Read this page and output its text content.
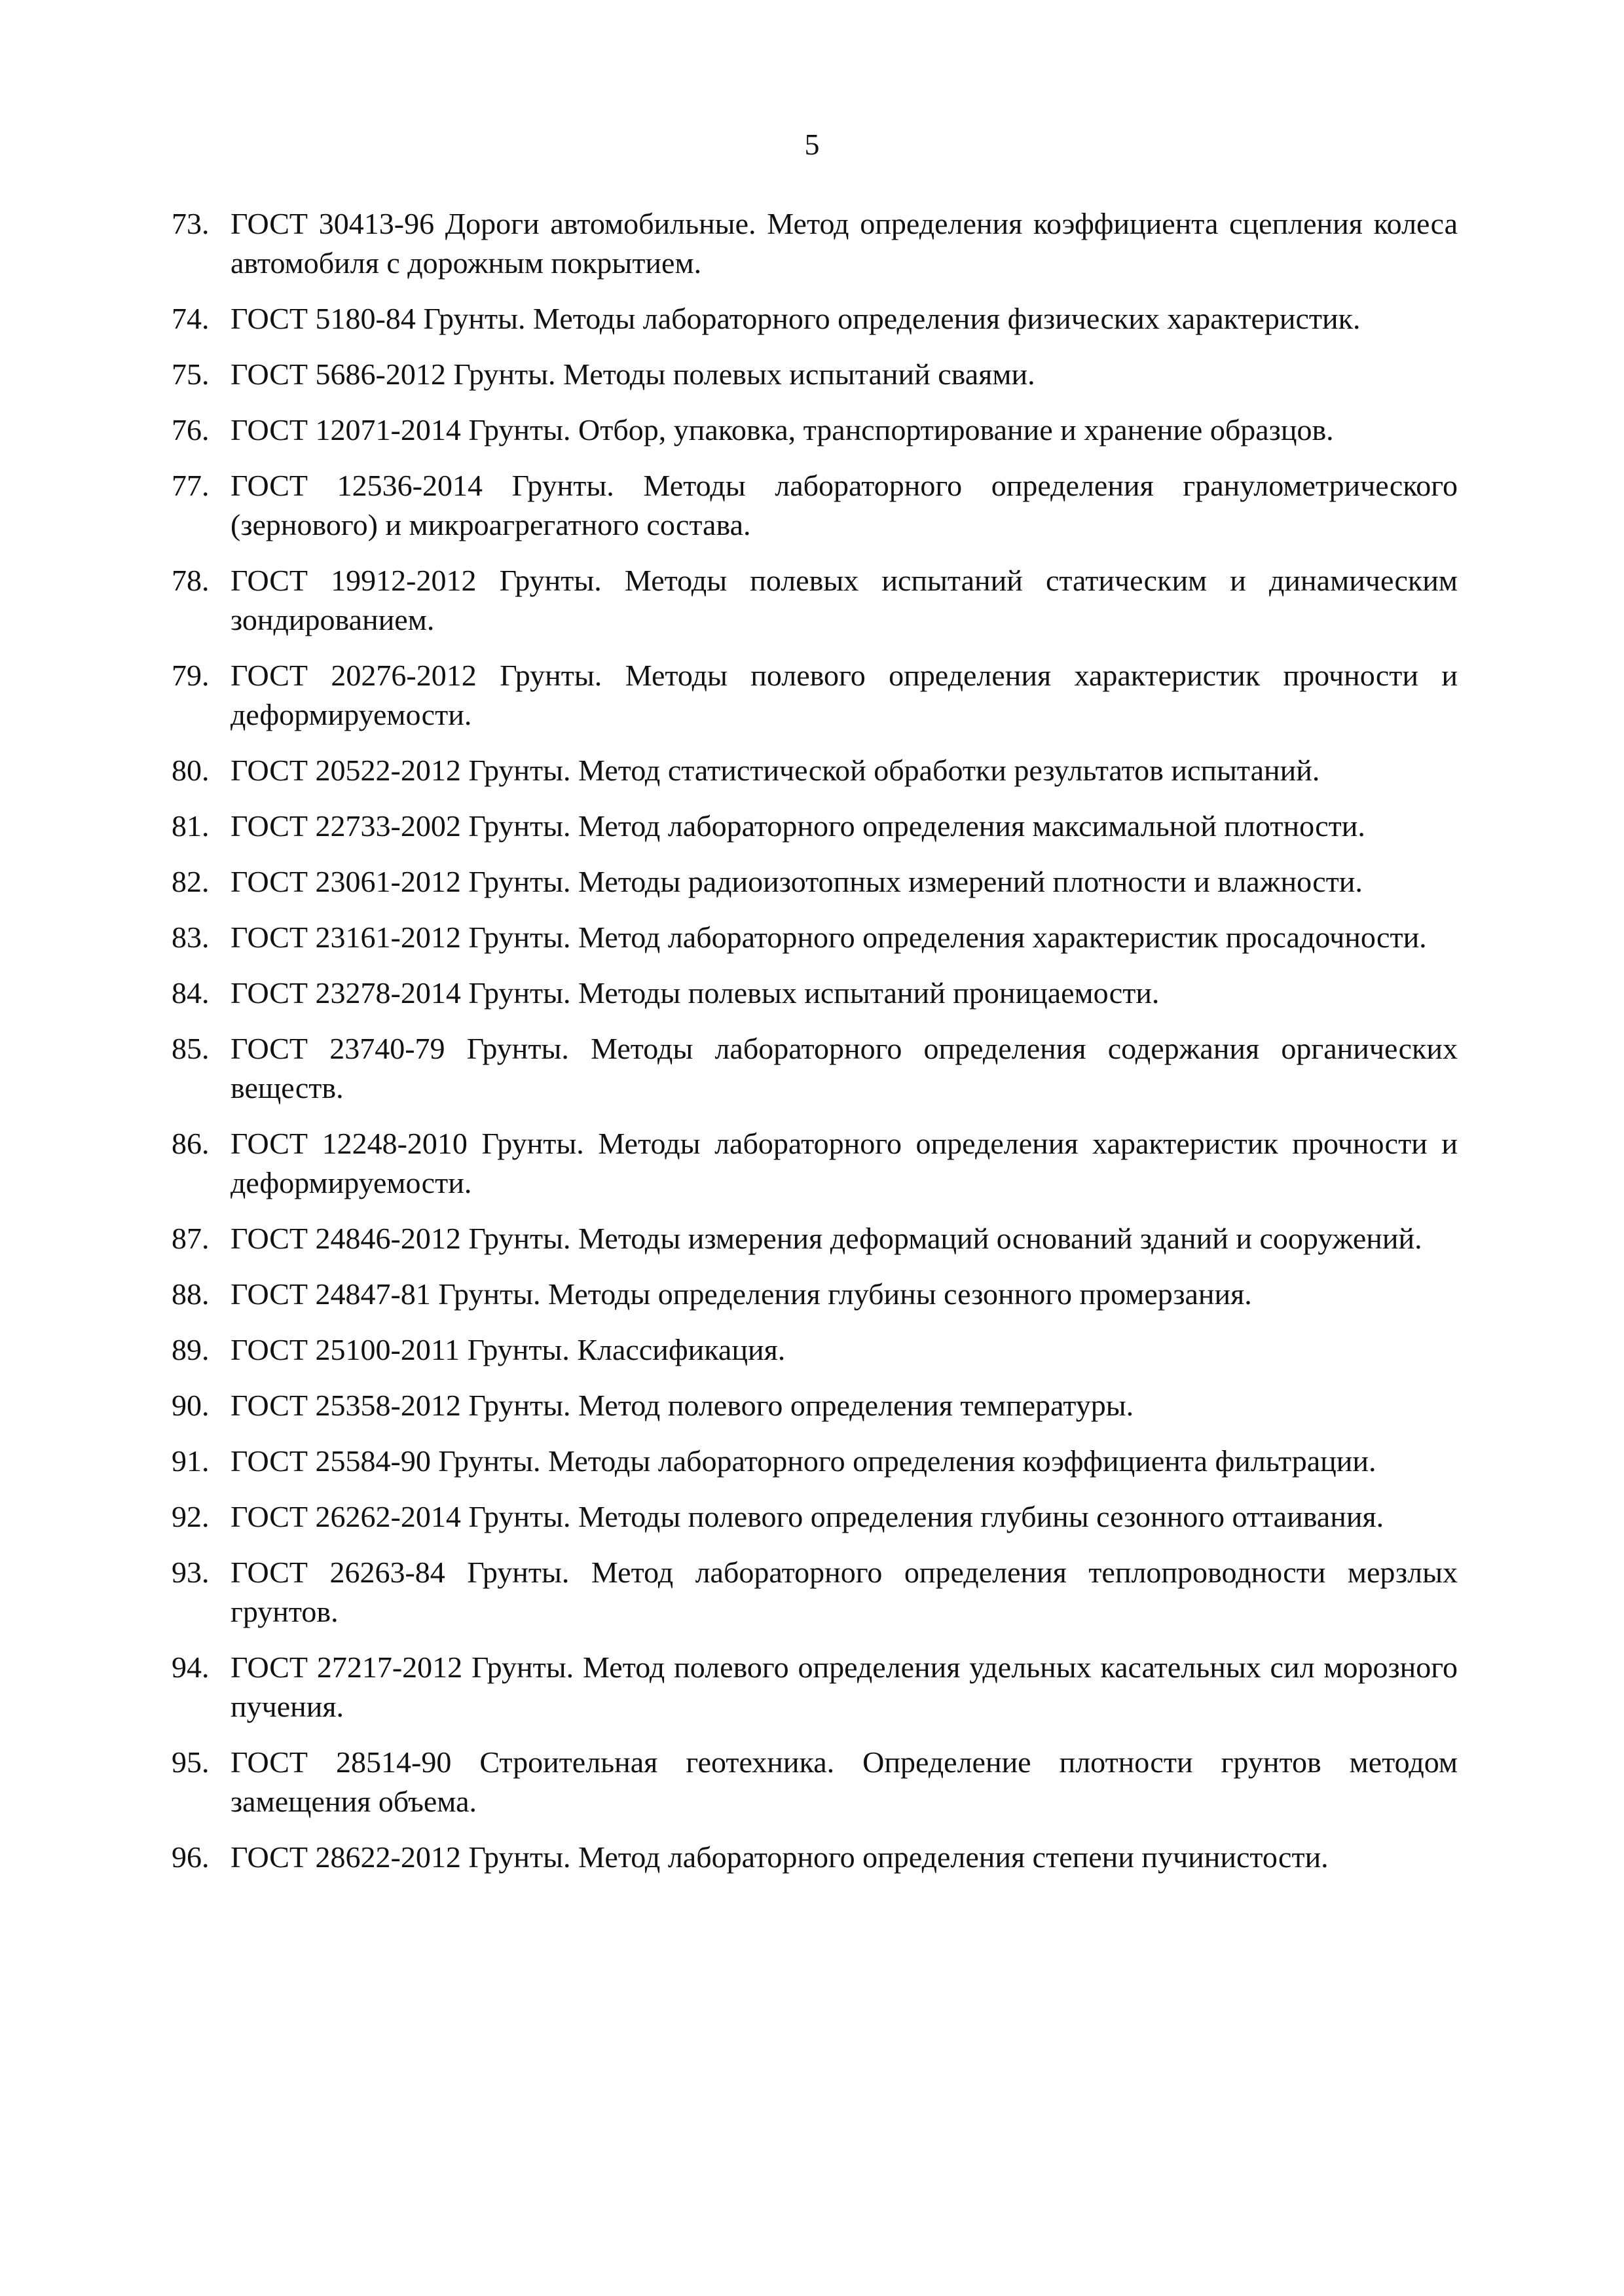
5
73. ГОСТ 30413-96 Дороги автомобильные. Метод определения коэффициента сцепления колеса автомобиля с дорожным покрытием.
74. ГОСТ 5180-84 Грунты. Методы лабораторного определения физических характеристик.
75. ГОСТ 5686-2012 Грунты. Методы полевых испытаний сваями.
76. ГОСТ 12071-2014 Грунты. Отбор, упаковка, транспортирование и хранение образцов.
77. ГОСТ 12536-2014 Грунты. Методы лабораторного определения гранулометрического (зернового) и микроагрегатного состава.
78. ГОСТ 19912-2012 Грунты. Методы полевых испытаний статическим и динамическим зондированием.
79. ГОСТ 20276-2012 Грунты. Методы полевого определения характеристик прочности и деформируемости.
80. ГОСТ 20522-2012 Грунты. Метод статистической обработки результатов испытаний.
81. ГОСТ 22733-2002 Грунты. Метод лабораторного определения максимальной плотности.
82. ГОСТ 23061-2012 Грунты. Методы радиоизотопных измерений плотности и влажности.
83. ГОСТ 23161-2012 Грунты. Метод лабораторного определения характеристик просадочности.
84. ГОСТ 23278-2014 Грунты. Методы полевых испытаний проницаемости.
85. ГОСТ 23740-79 Грунты. Методы лабораторного определения содержания органических веществ.
86. ГОСТ 12248-2010 Грунты. Методы лабораторного определения характеристик прочности и деформируемости.
87. ГОСТ 24846-2012 Грунты. Методы измерения деформаций оснований зданий и сооружений.
88. ГОСТ 24847-81 Грунты. Методы определения глубины сезонного промерзания.
89. ГОСТ 25100-2011 Грунты. Классификация.
90. ГОСТ 25358-2012 Грунты. Метод полевого определения температуры.
91. ГОСТ 25584-90 Грунты. Методы лабораторного определения коэффициента фильтрации.
92. ГОСТ 26262-2014 Грунты. Методы полевого определения глубины сезонного оттаивания.
93. ГОСТ 26263-84 Грунты. Метод лабораторного определения теплопроводности мерзлых грунтов.
94. ГОСТ 27217-2012 Грунты. Метод полевого определения удельных касательных сил морозного пучения.
95. ГОСТ 28514-90 Строительная геотехника. Определение плотности грунтов методом замещения объема.
96. ГОСТ 28622-2012 Грунты. Метод лабораторного определения степени пучинистости.
